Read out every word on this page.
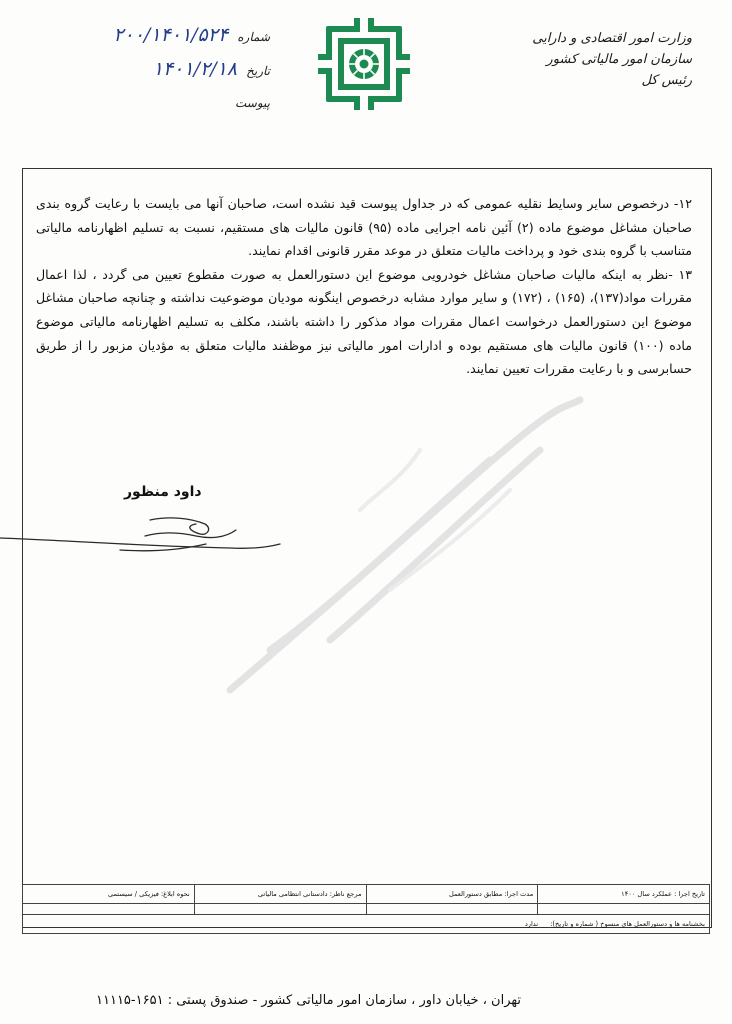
وزارت امور اقتصادی و دارایی
سازمان امور مالیاتی کشور
رئیس کل
شماره ۲۰۰/۱۴۰۱/۵۲۴
تاریخ ۱۴۰۱/۲/۱۸
پیوست

۱۲- درخصوص سایر وسایط نقلیه عمومی که در جداول پیوست قید نشده است، صاحبان آنها می بایست با رعایت گروه بندی صاحبان مشاغل موضوع ماده (۲) آئین نامه اجرایی ماده (۹۵) قانون مالیات های مستقیم، نسبت به تسلیم اظهارنامه مالیاتی متناسب با گروه بندی خود و پرداخت مالیات متعلق در موعد مقرر قانونی اقدام نمایند.

۱۳ -نظر به اینکه مالیات صاحبان مشاغل خودرویی موضوع این دستورالعمل به صورت مقطوع تعیین می گردد ، لذا اعمال مقررات مواد(۱۳۷)، (۱۶۵) ، (۱۷۲) و سایر موارد مشابه درخصوص اینگونه مودیان موضوعیت نداشته و چنانچه صاحبان مشاغل موضوع این دستورالعمل درخواست اعمال مقررات مواد مذکور را داشته باشند، مکلف به تسلیم اظهارنامه مالیاتی موضوع ماده (۱۰۰) قانون مالیات های مستقیم بوده و ادارات امور مالیاتی نیز موظفند مالیات متعلق به مؤدیان مزبور را از طریق حسابرسی و با رعایت مقررات تعیین نمایند.

داود منظور
تاریخ اجرا : عملکرد سال ۱۴۰۰	مدت اجرا: مطابق دستورالعمل	مرجع ناظر: دادستانی انتظامی مالیاتی	نحوه ابلاغ: فیزیکی / سیستمی

بخشنامه ها و دستورالعمل های منسوخ ( شماره و تاریخ): ندارد			
تهران ، خیابان داور ، سازمان امور مالیاتی کشور - صندوق پستی : ۱۶۵۱-۱۱۱۱۵
